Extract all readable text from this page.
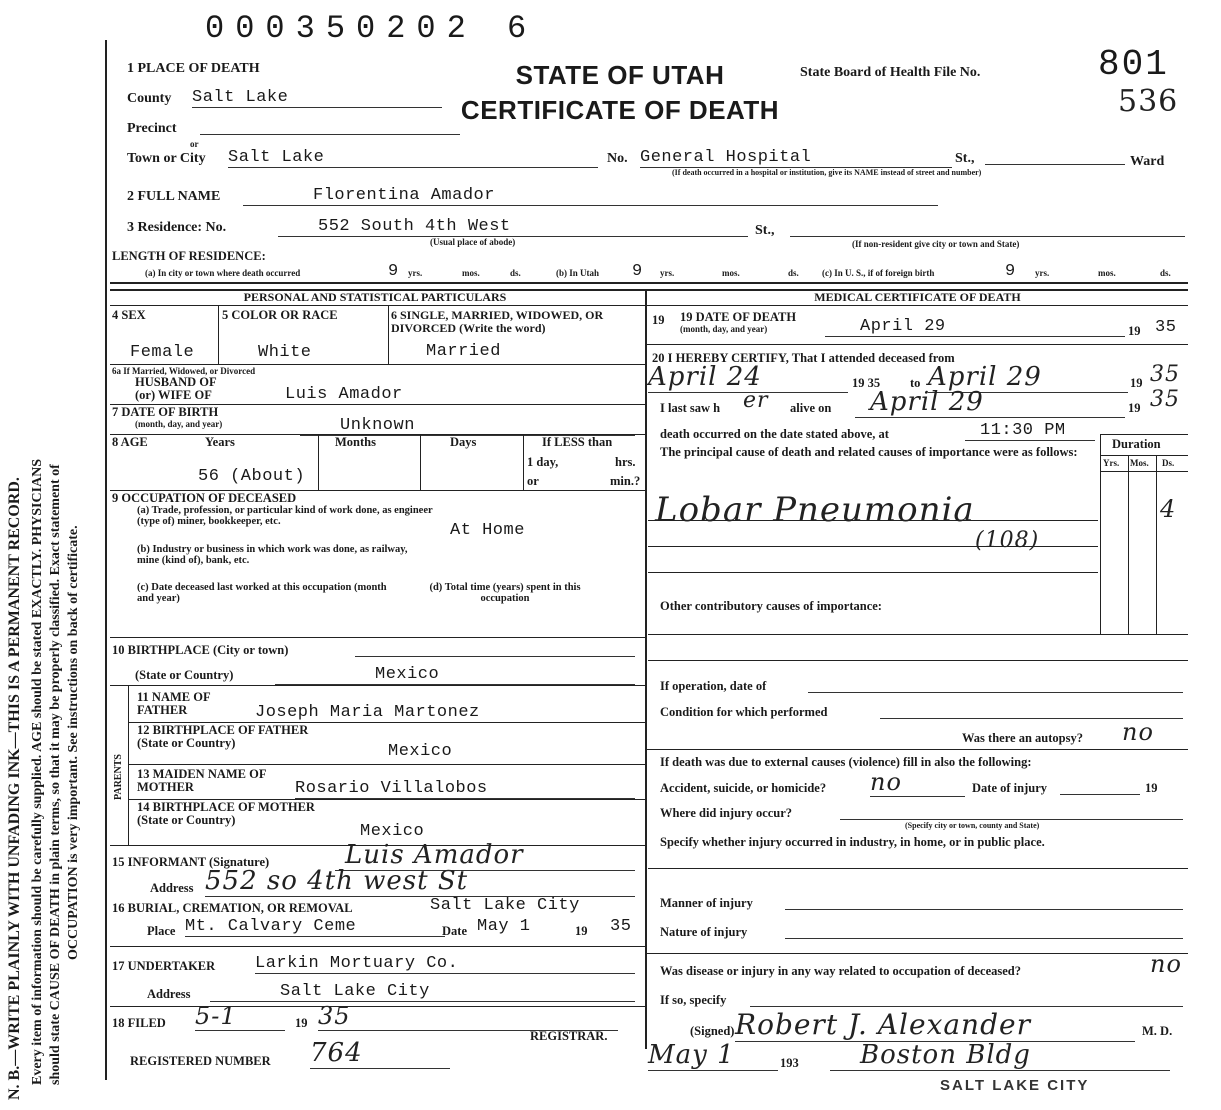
000350202 6
N. B.—WRITE PLAINLY WITH UNFADING INK—THIS IS A PERMANENT RECORD. Every item of information should be carefully supplied. AGE should be stated EXACTLY. PHYSICIANS should state CAUSE OF DEATH in plain terms, so that it may be properly classified. Exact statement of OCCUPATION is very important. See instructions on back of certificate.
STATE OF UTAH
CERTIFICATE OF DEATH
State Board of Health File No.	801
536
1 PLACE OF DEATH
County Salt Lake
Precinct
or
Town or City Salt Lake	No. General Hospital	St.,	Ward
(If death occurred in a hospital or institution, give its NAME instead of street and number)
2 FULL NAME	Florentina Amador
3 Residence: No.	552 South 4th West
(Usual place of abode)
St.,
(If non-resident give city or town and State)
LENGTH OF RESIDENCE:
(a) In city or town where death occurred	9 yrs.	mos.	ds.	(b) In Utah 9 yrs.	mos.	ds.	(c) In U. S., if of foreign birth	9 yrs.	mos.	ds.
PERSONAL AND STATISTICAL PARTICULARS	MEDICAL CERTIFICATE OF DEATH
4 SEX
Female
5 COLOR OR RACE
White
6 SINGLE, MARRIED, WIDOWED, OR DIVORCED (Write the word)
Married
6a If Married, Widowed, or Divorced
HUSBAND OF
(or) WIFE OF	Luis Amador
7 DATE OF BIRTH
(month, day, and year)	Unknown
8 AGE	Years	Months	Days	If LESS than
1 day,	hrs.
or	min.?
56 (About)
9 OCCUPATION OF DECEASED
(a) Trade, profession, or particular kind of work done, as engineer (type of) miner, bookkeeper, etc.	At Home
(b) Industry or business in which work was done, as railway, mine (kind of), bank, etc.
(c) Date deceased last worked at this occupation (month and year)
(d) Total time (years) spent in this occupation
10 BIRTHPLACE (City or town)
(State or Country)	Mexico
PARENTS
11 NAME OF FATHER	Joseph Maria Martonez
12 BIRTHPLACE OF FATHER (State or Country)	Mexico
13 MAIDEN NAME OF MOTHER	Rosario Villalobos
14 BIRTHPLACE OF MOTHER (State or Country)
Mexico
15 INFORMANT (Signature)	Luis Amador
Address 552 so 4th west St
16 BURIAL, CREMATION, OR REMOVAL	Salt Lake City
Place Mt. Calvary Ceme	Date May 1	19 35
17 UNDERTAKER Larkin Mortuary Co.
Address	Salt Lake City
18 FILED 5-1	19 35
REGISTRAR.
REGISTERED NUMBER 764
19 19 DATE OF DEATH
(month, day, and year)	April 29	19 35
20 I HEREBY CERTIFY, That I attended deceased from
April 24	19 35 to April 29	19 35
I last saw h er alive on	April 29	19 35
death occurred on the date stated above, at	11:30 PM
The principal cause of death and related causes of importance were as follows:
Duration
Yrs. Mos. Ds.
Lobar Pneumonia	4
(108)
Other contributory causes of importance:
If operation, date of
Condition for which performed
Was there an autopsy? no
If death was due to external causes (violence) fill in also the following:
Accident, suicide, or homicide? no	Date of injury	19
Where did injury occur?
(Specify city or town, county and State)
Specify whether injury occurred in industry, in home, or in public place.
Manner of injury
Nature of injury
Was disease or injury in any way related to occupation of deceased?	no
If so, specify
(Signed) Robert J. Alexander	M. D.
May 1	193	Boston Bldg
SALT LAKE CITY
